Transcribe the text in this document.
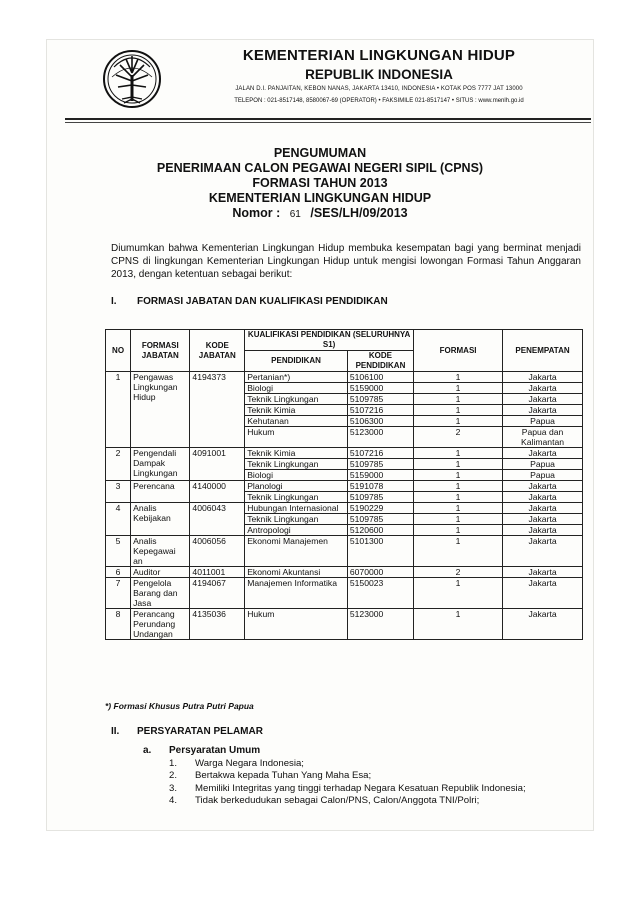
KEMENTERIAN LINGKUNGAN HIDUP
REPUBLIK INDONESIA
JALAN D.I. PANJAITAN, KEBON NANAS, JAKARTA 13410, INDONESIA • KOTAK POS 7777 JAT 13000
TELEPON : 021-8517148, 8580067-69 (OPERATOR) • FAKSIMILE 021-8517147 • SITUS : www.menlh.go.id
PENGUMUMAN
PENERIMAAN CALON PEGAWAI NEGERI SIPIL (CPNS)
FORMASI TAHUN 2013
KEMENTERIAN LINGKUNGAN HIDUP
Nomor : 61 /SES/LH/09/2013
Diumumkan bahwa Kementerian Lingkungan Hidup membuka kesempatan bagi yang berminat menjadi CPNS di lingkungan Kementerian Lingkungan Hidup untuk mengisi lowongan Formasi Tahun Anggaran 2013, dengan ketentuan sebagai berikut:
I. FORMASI JABATAN DAN KUALIFIKASI PENDIDIKAN
NO	FORMASI JABATAN	KODE JABATAN	KUALIFIKASI PENDIDIKAN (SELURUHNYA S1)		FORMASI	PENEMPATAN
			PENDIDIKAN	KODE PENDIDIKAN		
1	Pengawas Lingkungan Hidup	4194373	Pertanian*)	5106100	1	Jakarta
			Biologi	5159000	1	Jakarta
			Teknik Lingkungan	5109785	1	Jakarta
			Teknik Kimia	5107216	1	Jakarta
			Kehutanan	5106300	1	Papua
			Hukum	5123000	2	Papua dan Kalimantan
2	Pengendali Dampak Lingkungan	4091001	Teknik Kimia	5107216	1	Jakarta
			Teknik Lingkungan	5109785	1	Papua
			Biologi	5159000	1	Papua
3	Perencana	4140000	Planologi	5191078	1	Jakarta
			Teknik Lingkungan	5109785	1	Jakarta
4	Analis Kebijakan	4006043	Hubungan Internasional	5190229	1	Jakarta
			Teknik Lingkungan	5109785	1	Jakarta
			Antropologi	5120600	1	Jakarta
5	Analis Kepegawai an	4006056	Ekonomi Manajemen	5101300	1	Jakarta
6	Auditor	4011001	Ekonomi Akuntansi	6070000	2	Jakarta
7	Pengelola Barang dan Jasa	4194067	Manajemen Informatika	5150023	1	Jakarta
8	Perancang Perundang Undangan	4135036	Hukum	5123000	1	Jakarta
*) Formasi Khusus Putra Putri Papua
II. PERSYARATAN PELAMAR
a. Persyaratan Umum
1. Warga Negara Indonesia;
2. Bertakwa kepada Tuhan Yang Maha Esa;
3. Memiliki Integritas yang tinggi terhadap Negara Kesatuan Republik Indonesia;
4. Tidak berkedudukan sebagai Calon/PNS, Calon/Anggota TNI/Polri;
